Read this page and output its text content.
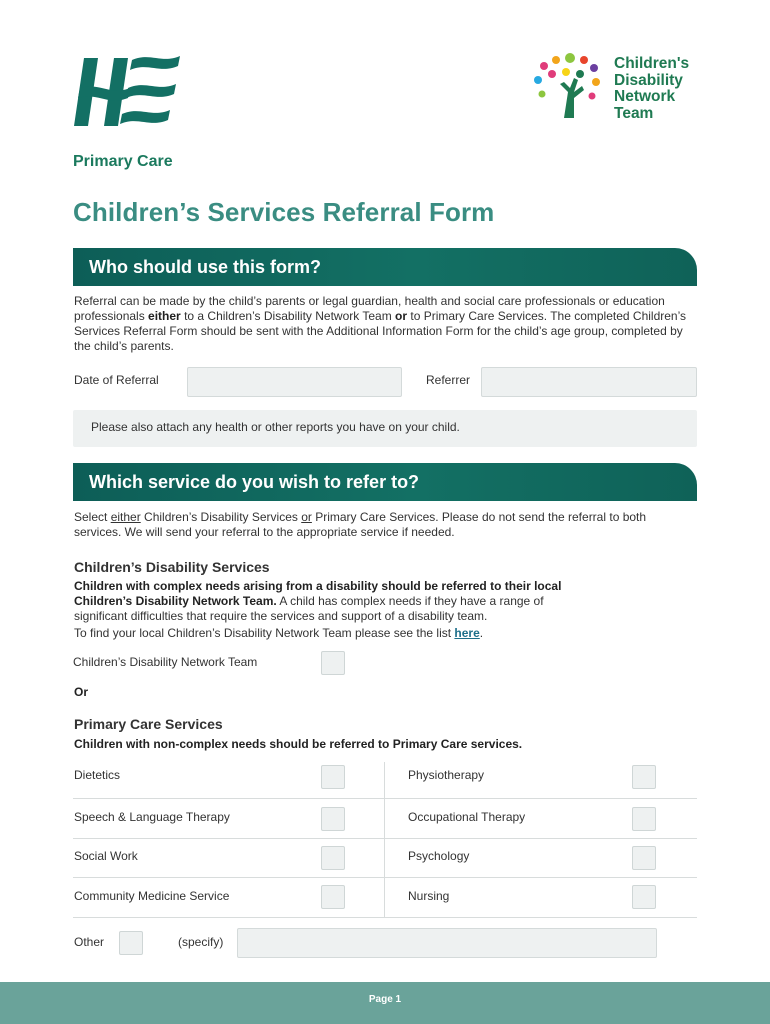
Children's
Disability
Network
Team
Primary Care
Children’s Services Referral Form
Who should use this form?
Referral can be made by the child’s parents or legal guardian, health and social care professionals or education professionals either to a Children’s Disability Network Team or to Primary Care Services. The completed Children’s Services Referral Form should be sent with the Additional Information Form for the child’s age group, completed by the child’s parents.
Date of Referral	Referrer
Please also attach any health or other reports you have on your child.
Which service do you wish to refer to?
Select either Children’s Disability Services or Primary Care Services. Please do not send the referral to both services. We will send your referral to the appropriate service if needed.
Children’s Disability Services
Children with complex needs arising from a disability should be referred to their local Children’s Disability Network Team. A child has complex needs if they have a range of significant difficulties that require the services and support of a disability team.
To find your local Children’s Disability Network Team please see the list here.
Children’s Disability Network Team
Or
Primary Care Services
Children with non-complex needs should be referred to Primary Care services.
Dietetics	Physiotherapy
Speech & Language Therapy	Occupational Therapy
Social Work	Psychology
Community Medicine Service	Nursing
Other	(specify)
Page 1
